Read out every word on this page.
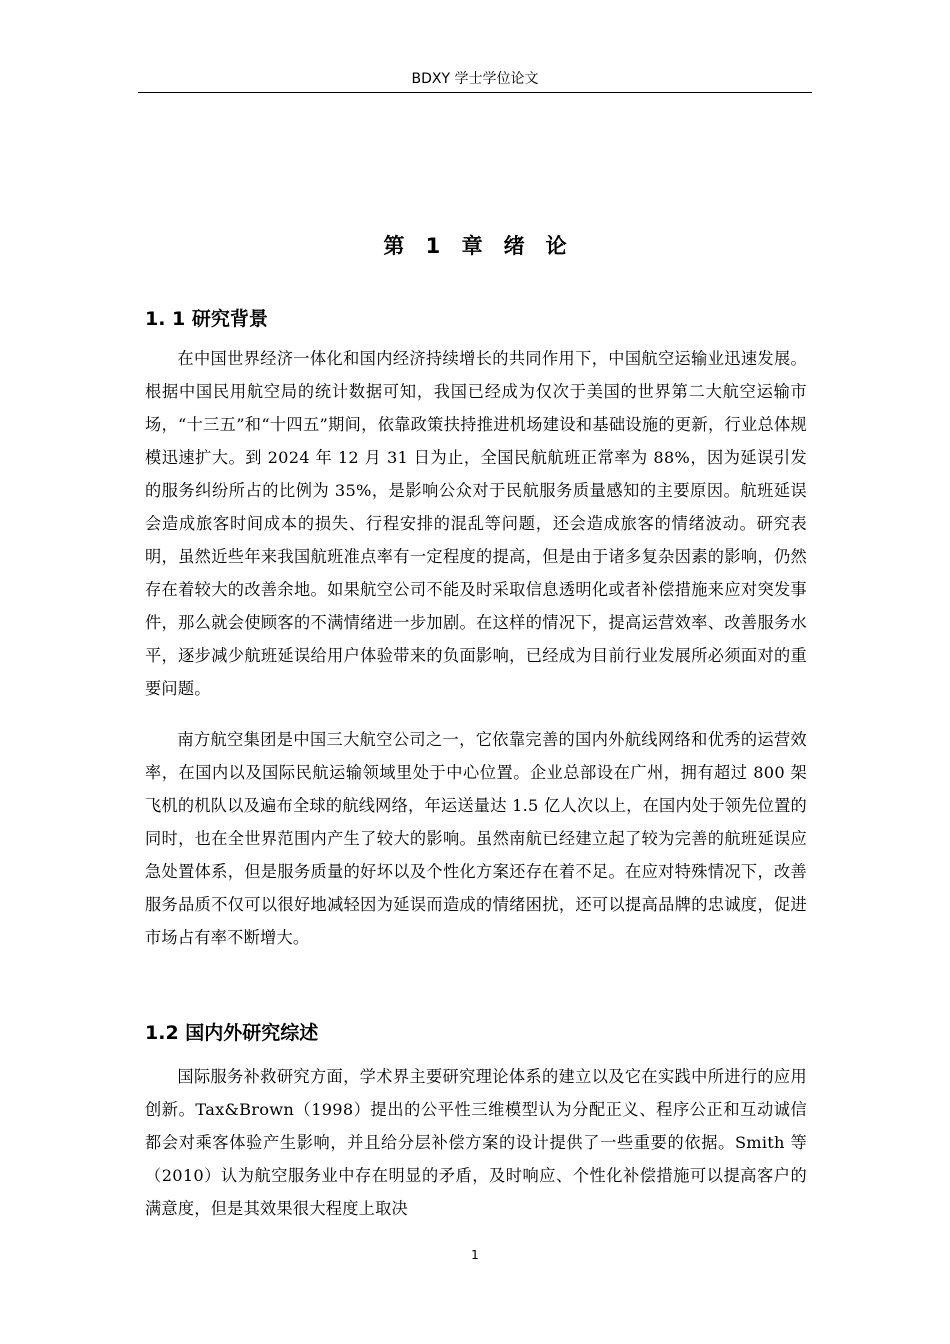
BDXY 学士学位论文
第 1 章　绪　论
1. 1 研究背景

在中国世界经济一体化和国内经济持续增长的共同作用下，中国航空运输业迅速发展。根据中国民用航空局的统计数据可知，我国已经成为仅次于美国的世界第二大航空运输市场，“十三五”和“十四五”期间，依靠政策扶持推进机场建设和基础设施的更新，行业总体规模迅速扩大。到 2024 年 12 月 31 日为止，全国民航航班正常率为 88%，因为延误引发的服务纠纷所占的比例为 35%，是影响公众对于民航服务质量感知的主要原因。航班延误会造成旅客时间成本的损失、行程安排的混乱等问题，还会造成旅客的情绪波动。研究表明，虽然近些年来我国航班准点率有一定程度的提高，但是由于诸多复杂因素的影响，仍然存在着较大的改善余地。如果航空公司不能及时采取信息透明化或者补偿措施来应对突发事件，那么就会使顾客的不满情绪进一步加剧。在这样的情况下，提高运营效率、改善服务水平，逐步减少航班延误给用户体验带来的负面影响，已经成为目前行业发展所必须面对的重要问题。

南方航空集团是中国三大航空公司之一，它依靠完善的国内外航线网络和优秀的运营效率，在国内以及国际民航运输领域里处于中心位置。企业总部设在广州，拥有超过 800 架飞机的机队以及遍布全球的航线网络，年运送量达 1.5 亿人次以上，在国内处于领先位置的同时，也在全世界范围内产生了较大的影响。虽然南航已经建立起了较为完善的航班延误应急处置体系，但是服务质量的好坏以及个性化方案还存在着不足。在应对特殊情况下，改善服务品质不仅可以很好地减轻因为延误而造成的情绪困扰，还可以提高品牌的忠诚度，促进市场占有率不断增大。

1.2 国内外研究综述

国际服务补救研究方面，学术界主要研究理论体系的建立以及它在实践中所进行的应用创新。Tax&Brown（1998）提出的公平性三维模型认为分配正义、程序公正和互动诚信都会对乘客体验产生影响，并且给分层补偿方案的设计提供了一些重要的依据。Smith 等（2010）认为航空服务业中存在明显的矛盾，及时响应、个性化补偿措施可以提高客户的满意度，但是其效果很大程度上取决

1
